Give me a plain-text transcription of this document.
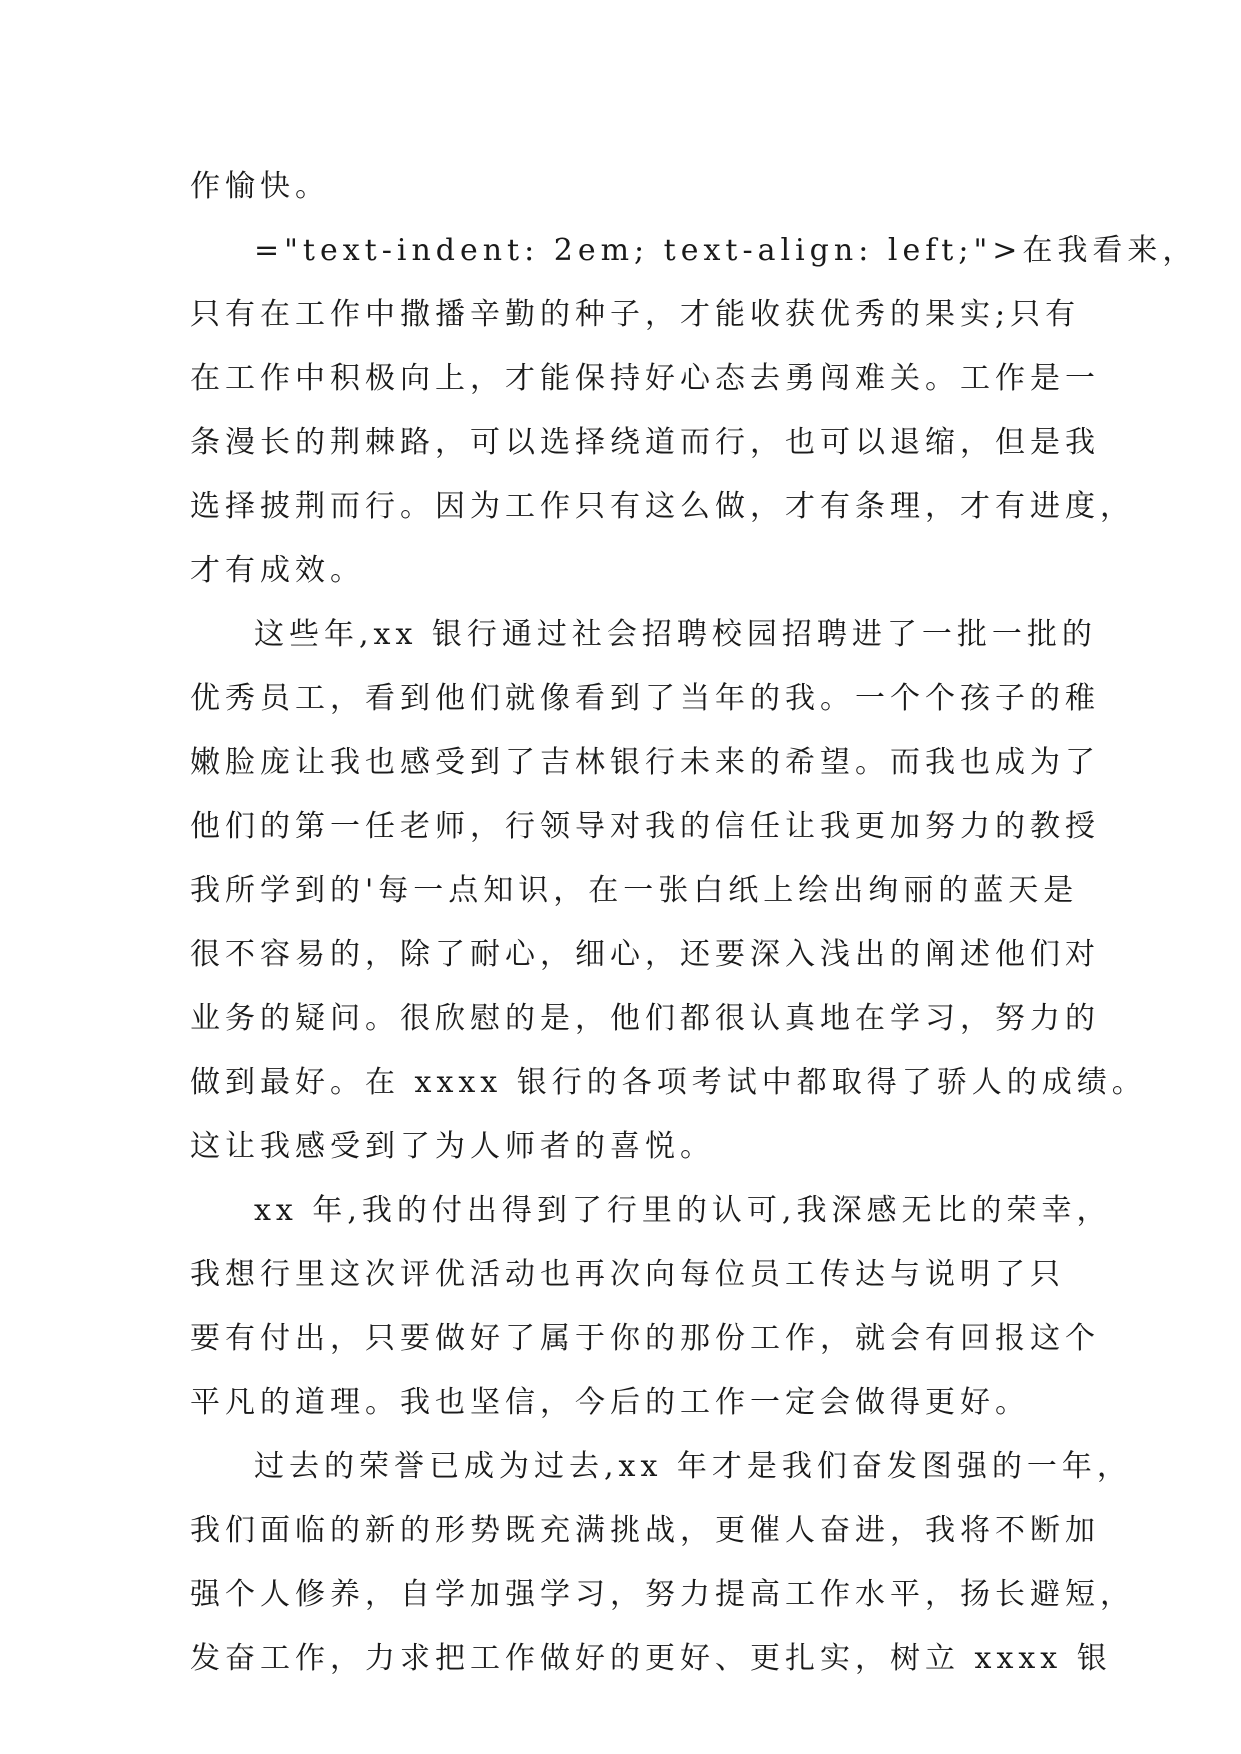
作愉快。
="text-indent: 2em; text-align: left;">在我看来，
只有在工作中撒播辛勤的种子，才能收获优秀的果实;只有
在工作中积极向上，才能保持好心态去勇闯难关。工作是一
条漫长的荆棘路，可以选择绕道而行，也可以退缩，但是我
选择披荆而行。因为工作只有这么做，才有条理，才有进度，
才有成效。
这些年,xx 银行通过社会招聘校园招聘进了一批一批的
优秀员工，看到他们就像看到了当年的我。一个个孩子的稚
嫩脸庞让我也感受到了吉林银行未来的希望。而我也成为了
他们的第一任老师，行领导对我的信任让我更加努力的教授
我所学到的'每一点知识，在一张白纸上绘出绚丽的蓝天是
很不容易的，除了耐心，细心，还要深入浅出的阐述他们对
业务的疑问。很欣慰的是，他们都很认真地在学习，努力的
做到最好。在 xxxx 银行的各项考试中都取得了骄人的成绩。
这让我感受到了为人师者的喜悦。
xx 年,我的付出得到了行里的认可,我深感无比的荣幸，
我想行里这次评优活动也再次向每位员工传达与说明了只
要有付出，只要做好了属于你的那份工作，就会有回报这个
平凡的道理。我也坚信，今后的工作一定会做得更好。
过去的荣誉已成为过去,xx 年才是我们奋发图强的一年，
我们面临的新的形势既充满挑战，更催人奋进，我将不断加
强个人修养，自学加强学习，努力提高工作水平，扬长避短，
发奋工作，力求把工作做好的更好、更扎实，树立 xxxx 银
